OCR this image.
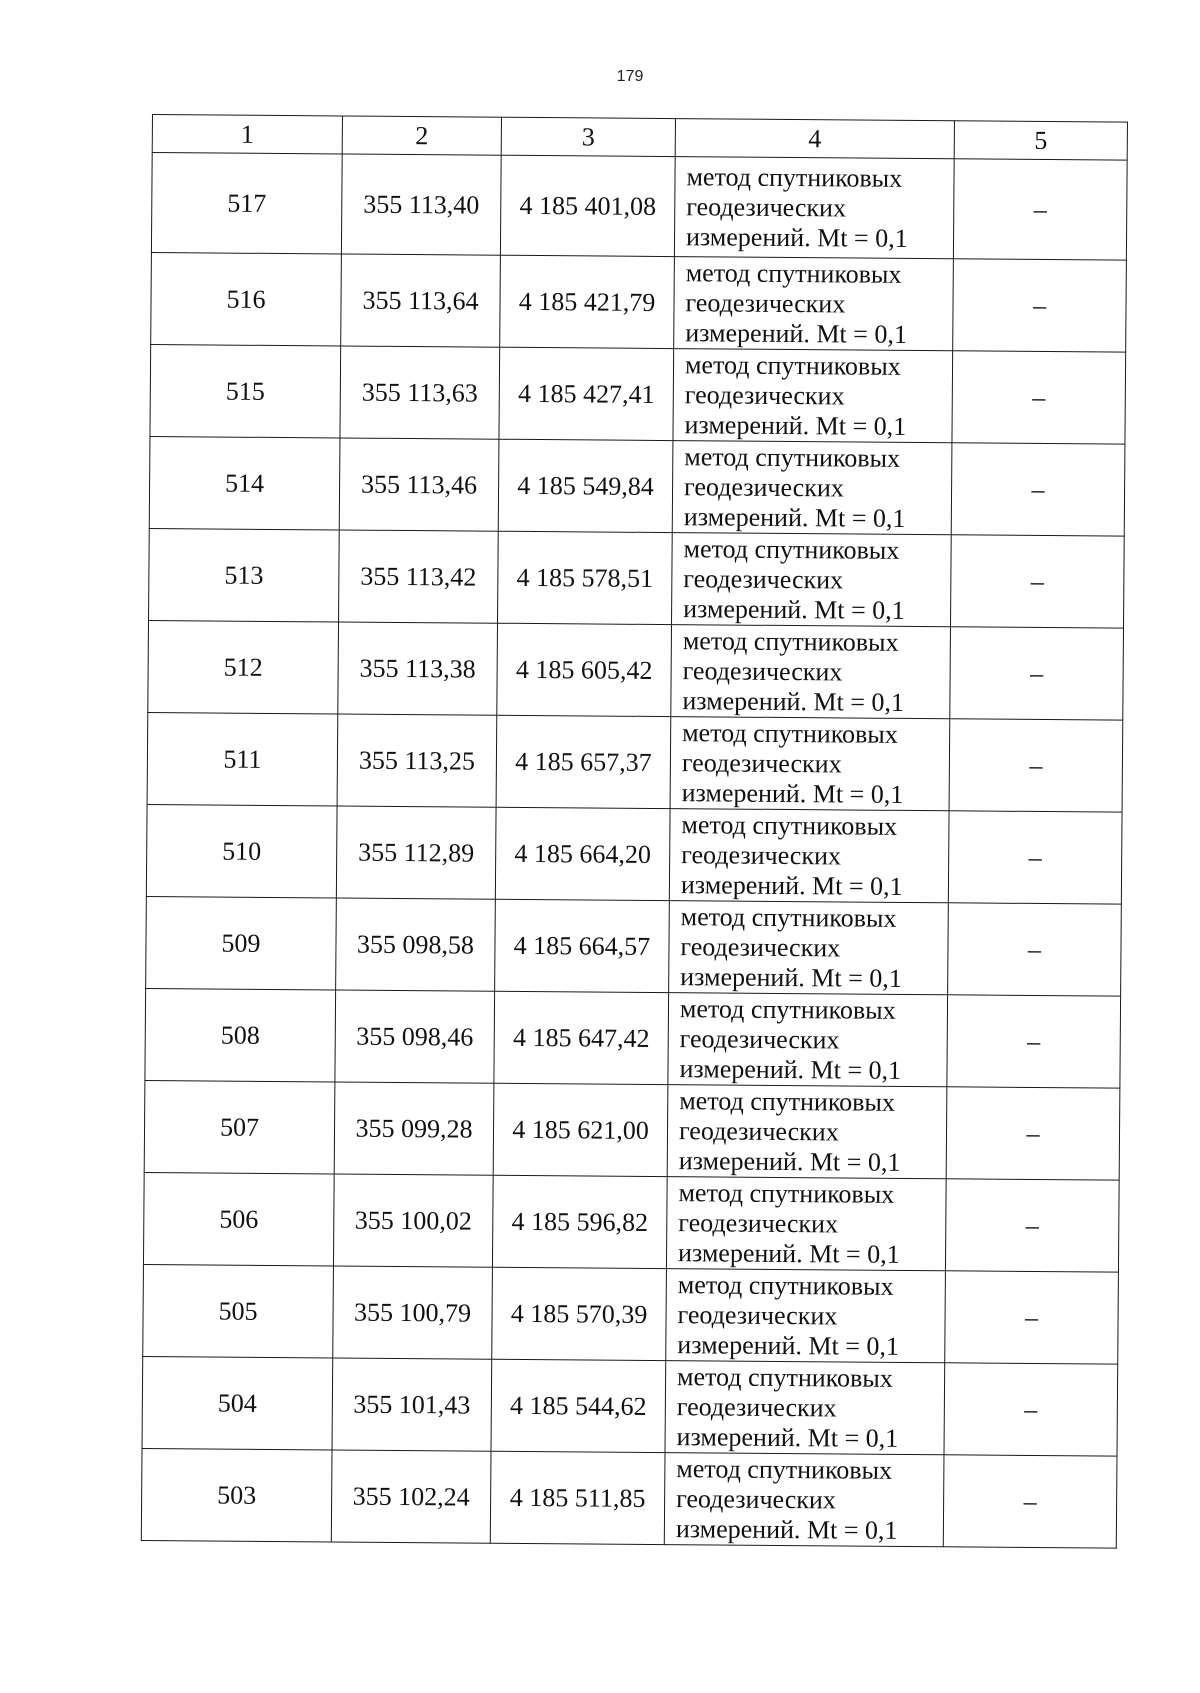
179
1	2	3	4	5
517	355 113,40	4 185 401,08	метод спутниковых
геодезических
измерений. Mt = 0,1	–
516	355 113,64	4 185 421,79	метод спутниковых
геодезических
измерений. Mt = 0,1	–
515	355 113,63	4 185 427,41	метод спутниковых
геодезических
измерений. Mt = 0,1	–
514	355 113,46	4 185 549,84	метод спутниковых
геодезических
измерений. Mt = 0,1	–
513	355 113,42	4 185 578,51	метод спутниковых
геодезических
измерений. Mt = 0,1	–
512	355 113,38	4 185 605,42	метод спутниковых
геодезических
измерений. Mt = 0,1	–
511	355 113,25	4 185 657,37	метод спутниковых
геодезических
измерений. Mt = 0,1	–
510	355 112,89	4 185 664,20	метод спутниковых
геодезических
измерений. Mt = 0,1	–
509	355 098,58	4 185 664,57	метод спутниковых
геодезических
измерений. Mt = 0,1	–
508	355 098,46	4 185 647,42	метод спутниковых
геодезических
измерений. Mt = 0,1	–
507	355 099,28	4 185 621,00	метод спутниковых
геодезических
измерений. Mt = 0,1	–
506	355 100,02	4 185 596,82	метод спутниковых
геодезических
измерений. Mt = 0,1	–
505	355 100,79	4 185 570,39	метод спутниковых
геодезических
измерений. Mt = 0,1	–
504	355 101,43	4 185 544,62	метод спутниковых
геодезических
измерений. Mt = 0,1	–
503	355 102,24	4 185 511,85	метод спутниковых
геодезических
измерений. Mt = 0,1	–
